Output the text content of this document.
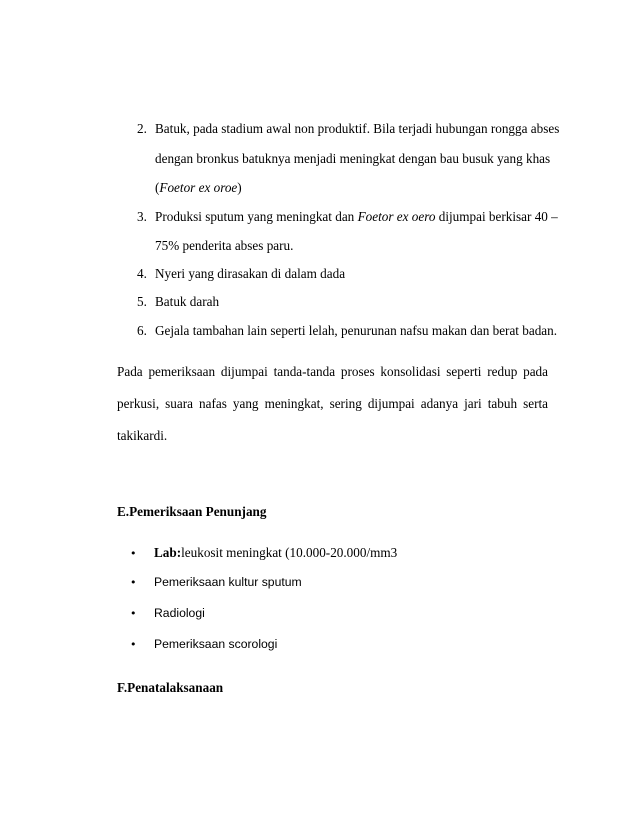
2. Batuk, pada stadium awal non produktif. Bila terjadi hubungan rongga abses
dengan bronkus batuknya menjadi meningkat dengan bau busuk yang khas
(Foetor ex oroe)
3. Produksi sputum yang meningkat dan Foetor ex oero dijumpai berkisar 40 –
75% penderita abses paru.
4. Nyeri yang dirasakan di dalam dada
5. Batuk darah
6. Gejala tambahan lain seperti lelah, penurunan nafsu makan dan berat badan.
Pada pemeriksaan dijumpai tanda-tanda proses konsolidasi seperti redup pada
perkusi, suara nafas yang meningkat, sering dijumpai adanya jari tabuh serta
takikardi.
E.Pemeriksaan Penunjang
• Lab:leukosit meningkat (10.000-20.000/mm3
• Pemeriksaan kultur sputum
• Radiologi
• Pemeriksaan scorologi
F.Penatalaksanaan
